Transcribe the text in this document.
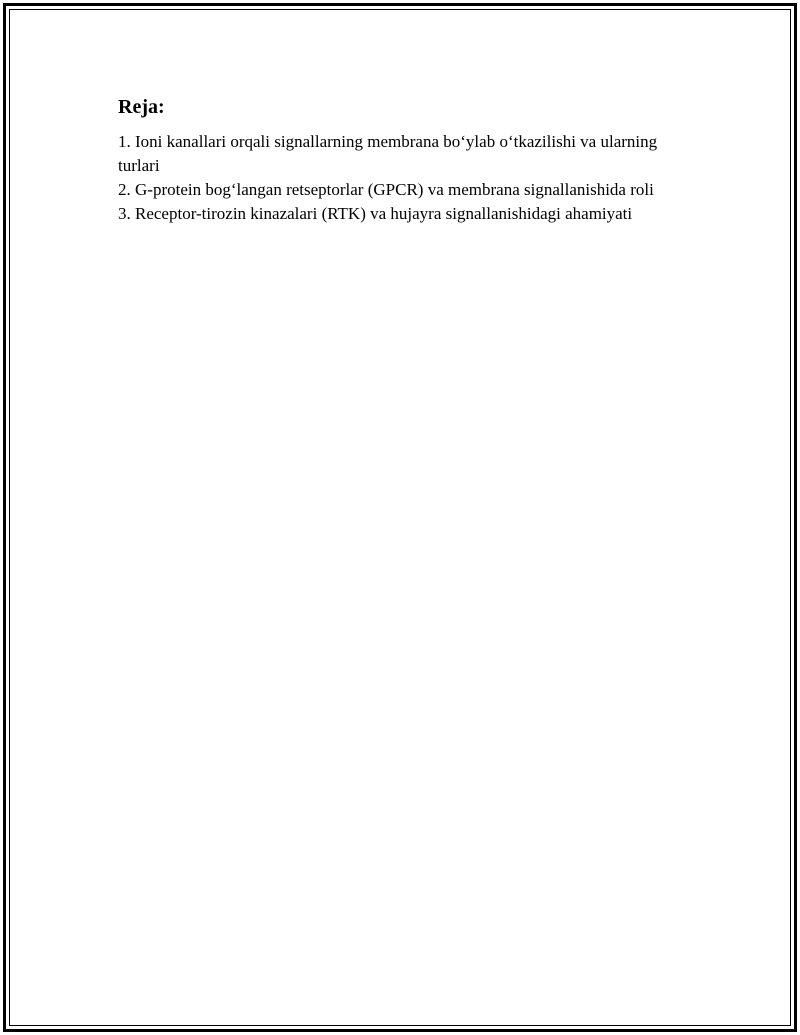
Reja:
1. Ioni kanallari orqali signallarning membrana bo‘ylab o‘tkazilishi va ularning turlari
2. G-protein bog‘langan retseptorlar (GPCR) va membrana signallanishida roli
3. Receptor-tirozin kinazalari (RTK) va hujayra signallanishidagi ahamiyati
